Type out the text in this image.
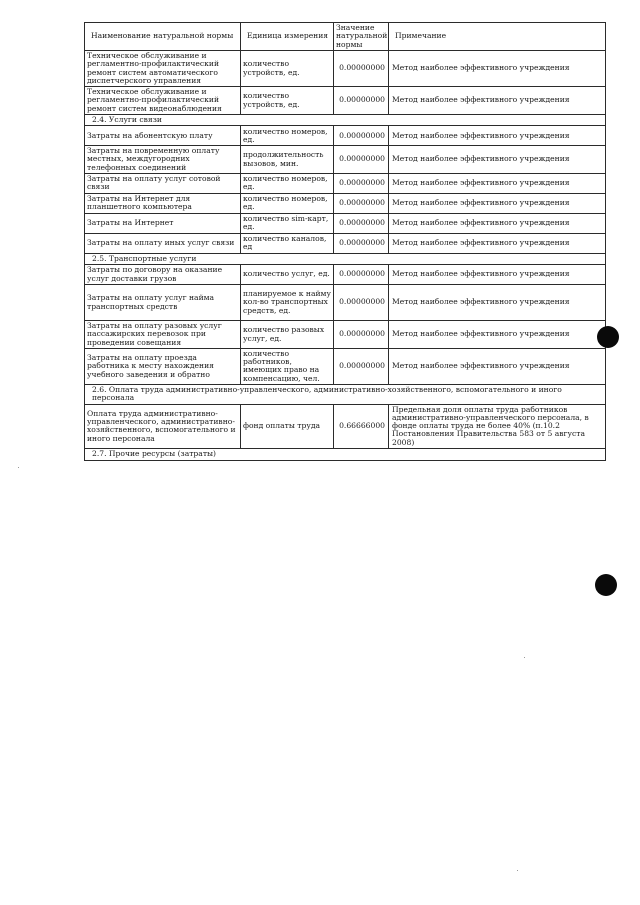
Наименование натуральной нормы	Единица измерения	Значение натуральной нормы	Примечание
Техническое обслуживание и регламентно-профилактический ремонт систем автоматического диспетчерского управления	количество устройств, ед.	0.00000000	Метод наиболее эффективного учреждения
Техническое обслуживание и регламентно-профилактический ремонт систем видеонаблюдения	количество устройств, ед.	0.00000000	Метод наиболее эффективного учреждения
2.4. Услуги связи			
Затраты на абонентскую плату	количество номеров, ед.	0.00000000	Метод наиболее эффективного учреждения
Затраты на повременную оплату местных, междугородних телефонных соединений	продолжительность вызовов, мин.	0.00000000	Метод наиболее эффективного учреждения
Затраты на оплату услуг сотовой связи	количество номеров, ед.	0.00000000	Метод наиболее эффективного учреждения
Затраты на Интернет для планшетного компьютера	количество номеров, ед.	0.00000000	Метод наиболее эффективного учреждения
Затраты на Интернет	количество sim-карт, ед.	0.00000000	Метод наиболее эффективного учреждения
Затраты на оплату иных услуг связи	количество каналов, ед	0.00000000	Метод наиболее эффективного учреждения
2.5. Транспортные услуги			
Затраты по договору на оказание услуг доставки грузов	количество услуг, ед.	0.00000000	Метод наиболее эффективного учреждения
Затраты на оплату услуг найма транспортных средств	планируемое к найму кол-во транспортных средств, ед.	0.00000000	Метод наиболее эффективного учреждения
Затраты на оплату разовых услуг пассажирских перевозок при проведении совещания	количество разовых услуг, ед.	0.00000000	Метод наиболее эффективного учреждения
Затраты на оплату проезда работника к месту нахождения учебного заведения и обратно	количество работников, имеющих право на компенсацию, чел.	0.00000000	Метод наиболее эффективного учреждения
2.6. Оплата труда административно-управленческого, административно-хозяйственного, вспомогательного и иного персонала			
Оплата труда административно-управленческого, административно-хозяйственного, вспомогательного и иного персонала	фонд оплаты труда	0.66666000	Предельная доля оплаты труда работников административно-управленческого персонала, в фонде оплаты труда не более 40% (п.10.2 Постановления Правительства 583 от 5 августа 2008)
2.7. Прочие ресурсы (затраты)			
